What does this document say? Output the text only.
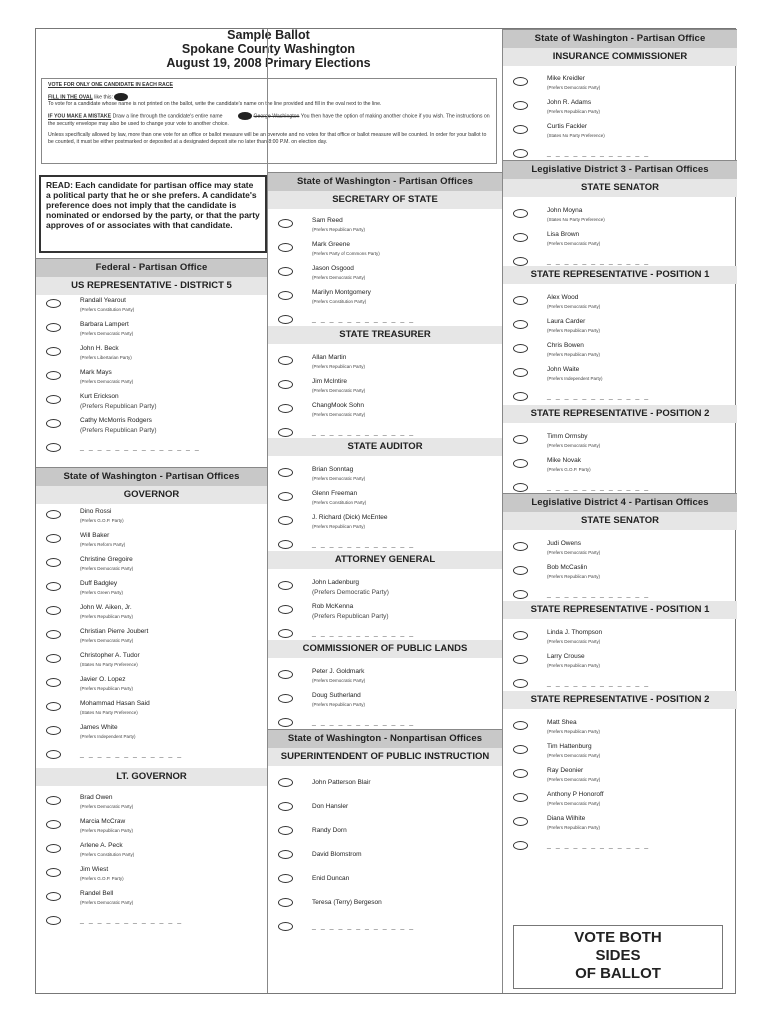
Sample Ballot
Spokane County Washington
August 19, 2008 Primary Elections

VOTE FOR ONLY ONE CANDIDATE IN EACH RACE

FILL IN THE OVAL like this:
To vote for a candidate whose name is not printed on the ballot, write the candidate's name on the line provided and fill in the oval next to the line.

IF YOU MAKE A MISTAKE Draw a line through the candidate's entire name	George Washington You then have the option of making another choice if you wish. The instructions on the security envelope may also be used to change your vote to another choice.

Unless specifically allowed by law, more than one vote for an office or ballot measure will be an overvote and no votes for that office or ballot measure will be counted. In order for your ballot to be counted, it must be either postmarked or deposited at a designated deposit site no later than 8:00 P.M. on election day.

READ: Each candidate for partisan office may state a political party that he or she prefers. A candidate's preference does not imply that the candidate is nominated or endorsed by the party, or that the party approves of or associates with that candidate.
Federal - Partisan Office
US REPRESENTATIVE - DISTRICT 5
Randall Yearout
(Prefers Constitution Party)
Barbara Lampert
(Prefers Democratic Party)
John H. Beck
(Prefers Libertarian Party)
Mark Mays
(Prefers Democratic Party)
Kurt Erickson
(Prefers Republican Party)
Cathy McMorris Rodgers
(Prefers Republican Party)
_ _ _ _ _ _ _ _ _ _ _ _ _ _
State of Washington - Partisan Offices
GOVERNOR
Dino Rossi
(Prefers G.O.P. Party)
Will Baker
(Prefers Reform Party)
Christine Gregoire
(Prefers Democratic Party)
Duff Badgley
(Prefers Green Party)
John W. Aiken, Jr.
(Prefers Republican Party)
Christian Pierre Joubert
(Prefers Democratic Party)
Christopher A. Tudor
(States No Party Preference)
Javier O. Lopez
(Prefers Republican Party)
Mohammad Hasan Said
(States No Party Preference)
James White
(Prefers Independent Party)
_ _ _ _ _ _ _ _ _ _ _ _
LT. GOVERNOR
Brad Owen
(Prefers Democratic Party)
Marcia McCraw
(Prefers Republican Party)
Arlene A. Peck
(Prefers Constitution Party)
Jim Wiest
(Prefers G.O.P. Party)
Randel Bell
(Prefers Democratic Party)
_ _ _ _ _ _ _ _ _ _ _ _
State of Washington - Partisan Offices
SECRETARY OF STATE
Sam Reed
(Prefers Republican Party)
Mark Greene
(Prefers Party of Commons Party)
Jason Osgood
(Prefers Democratic Party)
Marilyn Montgomery
(Prefers Constitution Party)
_ _ _ _ _ _ _ _ _ _ _ _
STATE TREASURER
Allan Martin
(Prefers Republican Party)
Jim McIntire
(Prefers Democratic Party)
ChangMook Sohn
(Prefers Democratic Party)
_ _ _ _ _ _ _ _ _ _ _ _
STATE AUDITOR
Brian Sonntag
(Prefers Democratic Party)
Glenn Freeman
(Prefers Constitution Party)
J. Richard (Dick) McEntee
(Prefers Republican Party)
_ _ _ _ _ _ _ _ _ _ _ _
ATTORNEY GENERAL
John Ladenburg
(Prefers Democratic Party)
Rob McKenna
(Prefers Republican Party)
_ _ _ _ _ _ _ _ _ _ _ _
COMMISSIONER OF PUBLIC LANDS
Peter J. Goldmark
(Prefers Democratic Party)
Doug Sutherland
(Prefers Republican Party)
_ _ _ _ _ _ _ _ _ _ _ _
State of Washington - Nonpartisan Offices
SUPERINTENDENT OF PUBLIC INSTRUCTION
John Patterson Blair
Don Hansler
Randy Dorn
David Blomstrom
Enid Duncan
Teresa (Terry) Bergeson
_ _ _ _ _ _ _ _ _ _ _ _
State of Washington - Partisan Office
INSURANCE COMMISSIONER
Mike Kreidler
(Prefers Democratic Party)
John R. Adams
(Prefers Republican Party)
Curtis Fackler
(States No Party Preference)
_ _ _ _ _ _ _ _ _ _ _ _
Legislative District 3 - Partisan Offices
STATE SENATOR
John Moyna
(States No Party Preference)
Lisa Brown
(Prefers Democratic Party)
_ _ _ _ _ _ _ _ _ _ _ _
STATE REPRESENTATIVE - POSITION 1
Alex Wood
(Prefers Democratic Party)
Laura Carder
(Prefers Republican Party)
Chris Bowen
(Prefers Republican Party)
John Waite
(Prefers Independent Party)
_ _ _ _ _ _ _ _ _ _ _ _
STATE REPRESENTATIVE - POSITION 2
Timm Ormsby
(Prefers Democratic Party)
Mike Novak
(Prefers G.O.P. Party)
_ _ _ _ _ _ _ _ _ _ _ _
Legislative District 4 - Partisan Offices
STATE SENATOR
Judi Owens
(Prefers Democratic Party)
Bob McCaslin
(Prefers Republican Party)
_ _ _ _ _ _ _ _ _ _ _ _
STATE REPRESENTATIVE - POSITION 1
Linda J. Thompson
(Prefers Democratic Party)
Larry Crouse
(Prefers Republican Party)
_ _ _ _ _ _ _ _ _ _ _ _
STATE REPRESENTATIVE - POSITION 2
Matt Shea
(Prefers Republican Party)
Tim Hattenburg
(Prefers Democratic Party)
Ray Deonier
(Prefers Democratic Party)
Anthony P Honoroff
(Prefers Democratic Party)
Diana Wilhite
(Prefers Republican Party)
_ _ _ _ _ _ _ _ _ _ _ _
VOTE BOTH
SIDES
OF BALLOT
